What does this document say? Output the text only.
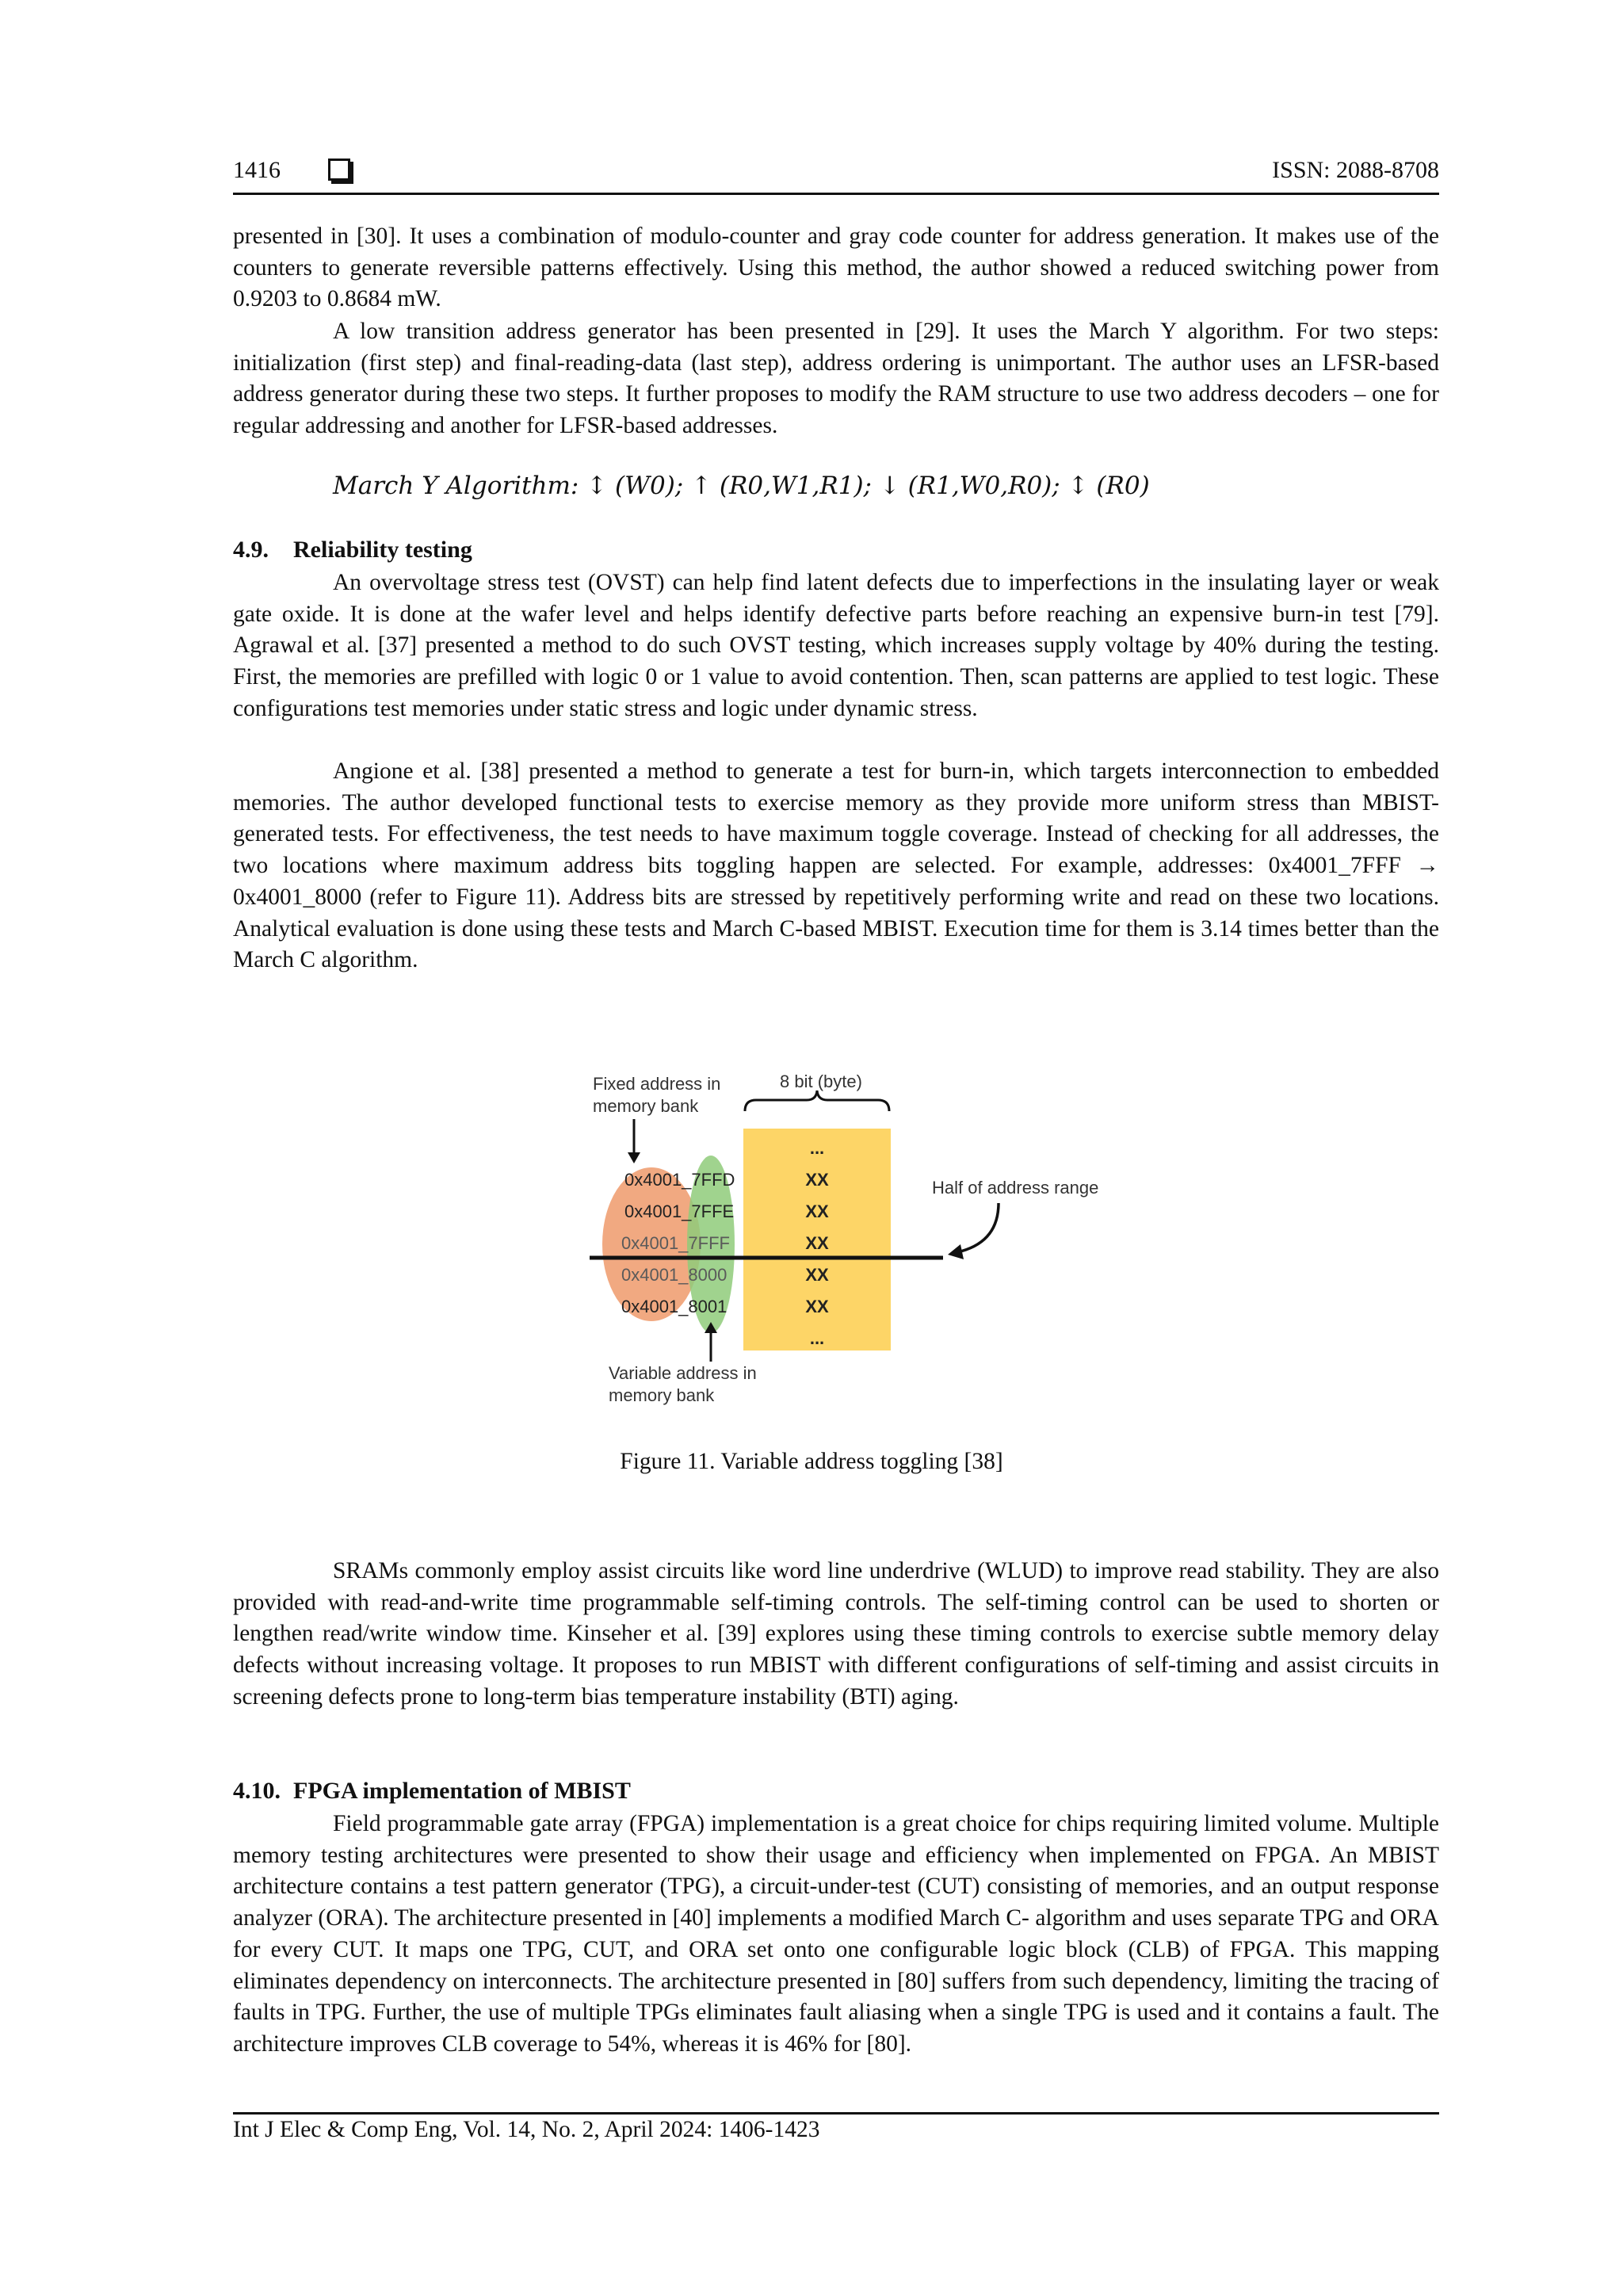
1416	ISSN: 2088-8708

presented in [30]. It uses a combination of modulo-counter and gray code counter for address generation. It makes use of the counters to generate reversible patterns effectively. Using this method, the author showed a reduced switching power from 0.9203 to 0.8684 mW.

A low transition address generator has been presented in [29]. It uses the March Y algorithm. For two steps: initialization (first step) and final-reading-data (last step), address ordering is unimportant. The author uses an LFSR-based address generator during these two steps. It further proposes to modify the RAM structure to use two address decoders – one for regular addressing and another for LFSR-based addresses.

March Y Algorithm: ↕ (W0); ↑ (R0,W1,R1); ↓ (R1,W0,R0); ↕ (R0)
4.9. Reliability testing

An overvoltage stress test (OVST) can help find latent defects due to imperfections in the insulating layer or weak gate oxide. It is done at the wafer level and helps identify defective parts before reaching an expensive burn-in test [79]. Agrawal et al. [37] presented a method to do such OVST testing, which increases supply voltage by 40% during the testing. First, the memories are prefilled with logic 0 or 1 value to avoid contention. Then, scan patterns are applied to test logic. These configurations test memories under static stress and logic under dynamic stress.

Angione et al. [38] presented a method to generate a test for burn-in, which targets interconnection to embedded memories. The author developed functional tests to exercise memory as they provide more uniform stress than MBIST-generated tests. For effectiveness, the test needs to have maximum toggle coverage. Instead of checking for all addresses, the two locations where maximum address bits toggling happen are selected. For example, addresses: 0x4001_7FFF → 0x4001_8000 (refer to Figure 11). Address bits are stressed by repetitively performing write and read on these two locations. Analytical evaluation is done using these tests and March C-based MBIST. Execution time for them is 3.14 times better than the March C algorithm.

0x4001_7FFD
0x4001_7FFE
0x4001_7FFF
0x4001_8000
0x4001_8001
...
XX
XX
XX
XX
XX
...
Fixed address in
memory bank
8 bit (byte)
Half of address range
Variable address in
memory bank
Figure 11. Variable address toggling [38]

SRAMs commonly employ assist circuits like word line underdrive (WLUD) to improve read stability. They are also provided with read-and-write time programmable self-timing controls. The self-timing control can be used to shorten or lengthen read/write window time. Kinseher et al. [39] explores using these timing controls to exercise subtle memory delay defects without increasing voltage. It proposes to run MBIST with different configurations of self-timing and assist circuits in screening defects prone to long-term bias temperature instability (BTI) aging.

4.10. FPGA implementation of MBIST

Field programmable gate array (FPGA) implementation is a great choice for chips requiring limited volume. Multiple memory testing architectures were presented to show their usage and efficiency when implemented on FPGA. An MBIST architecture contains a test pattern generator (TPG), a circuit-under-test (CUT) consisting of memories, and an output response analyzer (ORA). The architecture presented in [40] implements a modified March C- algorithm and uses separate TPG and ORA for every CUT. It maps one TPG, CUT, and ORA set onto one configurable logic block (CLB) of FPGA. This mapping eliminates dependency on interconnects. The architecture presented in [80] suffers from such dependency, limiting the tracing of faults in TPG. Further, the use of multiple TPGs eliminates fault aliasing when a single TPG is used and it contains a fault. The architecture improves CLB coverage to 54%, whereas it is 46% for [80].

Int J Elec & Comp Eng, Vol. 14, No. 2, April 2024: 1406-1423
